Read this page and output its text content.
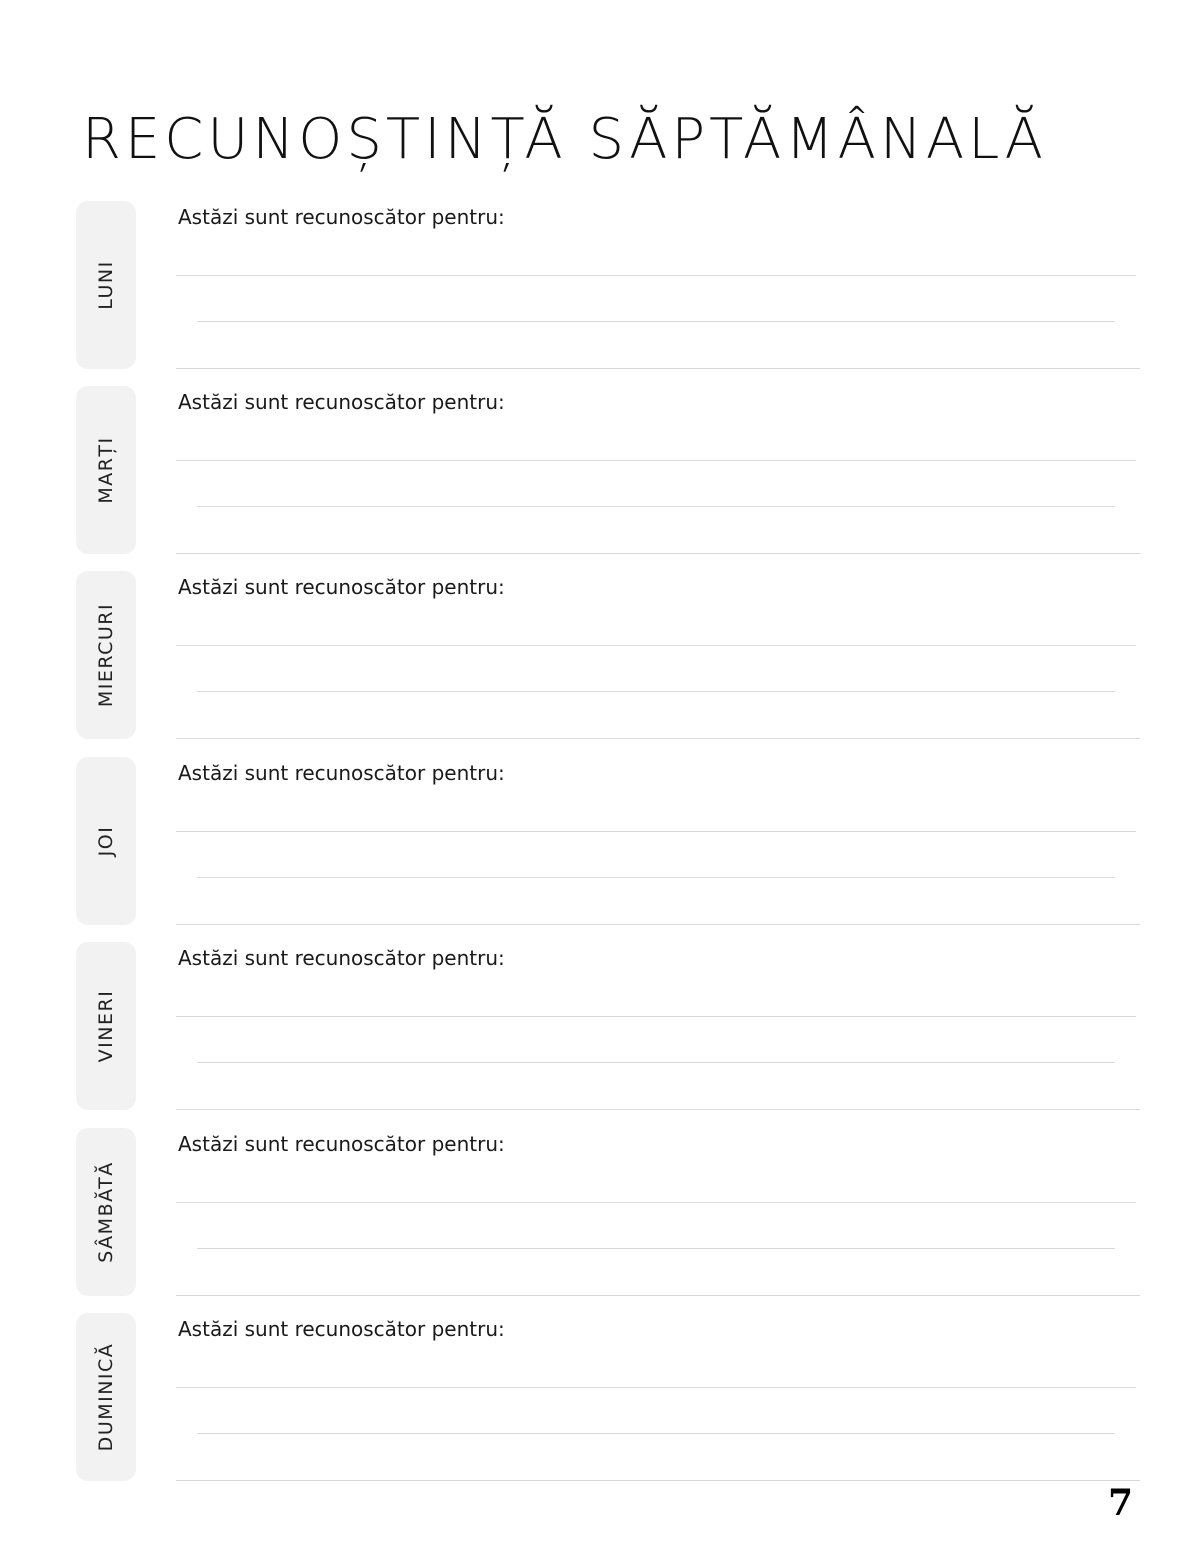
RECUNOȘTINȚĂ SĂPTĂMÂNALĂ
LUNI
Astăzi sunt recunoscător pentru:
MARȚI
Astăzi sunt recunoscător pentru:
MIERCURI
Astăzi sunt recunoscător pentru:
JOI
Astăzi sunt recunoscător pentru:
VINERI
Astăzi sunt recunoscător pentru:
SÂMBĂTĂ
Astăzi sunt recunoscător pentru:
DUMINICĂ
Astăzi sunt recunoscător pentru:
7
